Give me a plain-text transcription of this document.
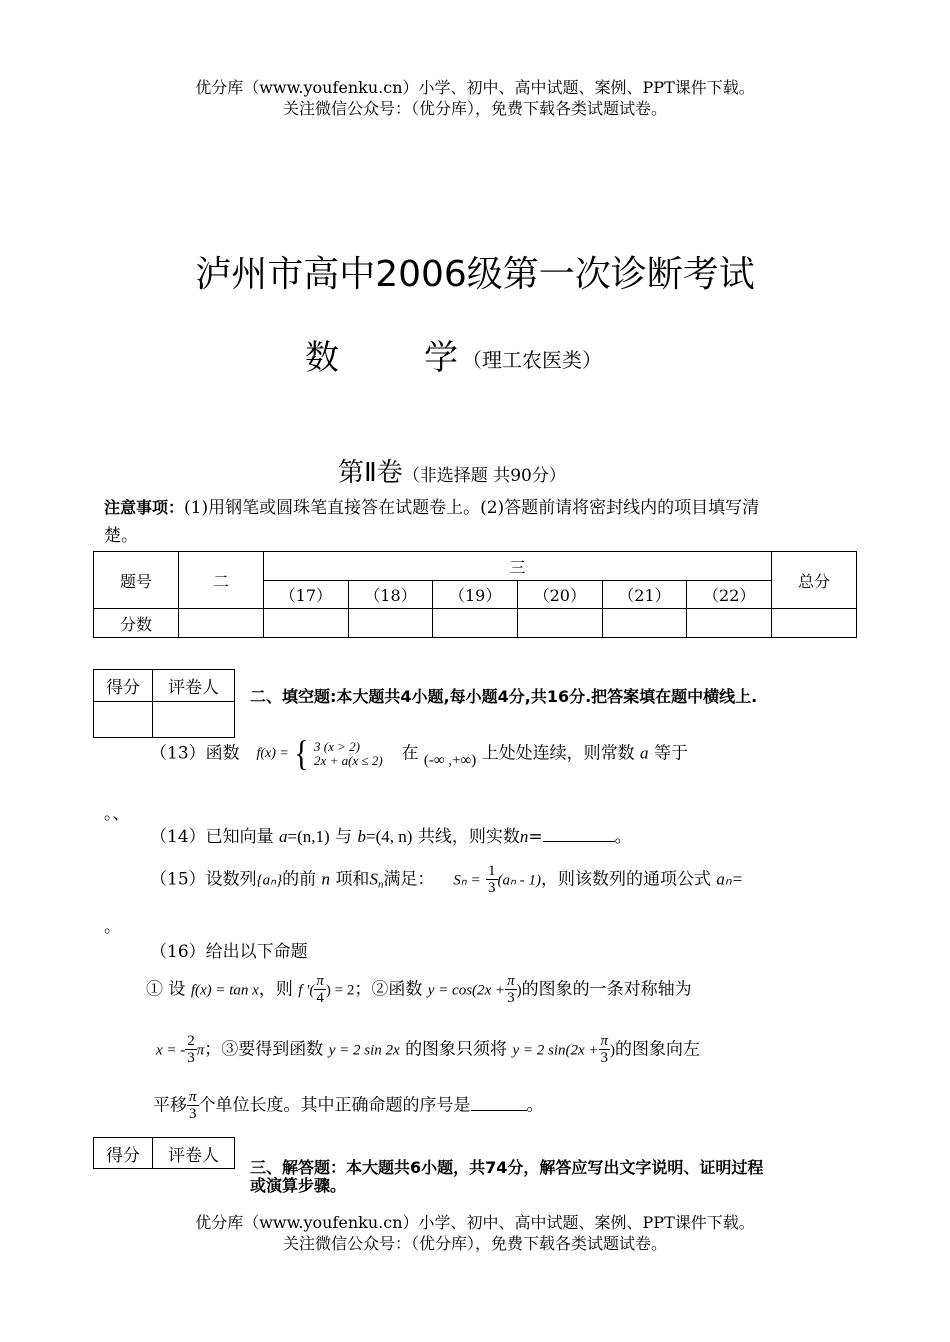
优分库（www.youfenku.cn）小学、初中、高中试题、案例、PPT课件下载。
关注微信公众号：（优分库），免费下载各类试题试卷。
泸州市高中2006级第一次诊断考试
数	学 （理工农医类）
第Ⅱ卷（非选择题 共90分）
注意事项：(1)用钢笔或圆珠笔直接答在试题卷上。(2)答题前请将密封线内的项目填写清
楚。
题号	二	三						总分
		（17）	（18）	（19）	（20）	（21）	（22）	
分数								
得分	评卷人
	二、填空题:本大题共4小题,每小题4分,共16分.把答案填在题中横线上.
（13）函数 f(x) = { 3 (x > 2)
2x + a(x ≤ 2) 在 (-∞ ,+∞) 上处处连续，则常数 a 等于
。、
（14）已知向量 a=(n,1) 与 b=(4, n) 共线，则实数n=	。
（15）设数列{aₙ}的前 n 项和Sn满足： $S_n = \frac{1}{3} (a_n - 1)$，则该数列的通项公式 aₙ=
。
（16）给出以下命题
① 设 f(x) = tan x，则 f '( $\frac{\pi}{4}$ ) = 2；②函数 $y = \cos(2x + \frac{\pi}{3}$ )的图象的一条对称轴为
x = - $\frac{2}{3}$ π；③要得到函数 y = 2 sin 2x 的图象只须将 y = 2 $\sin(2x + \frac{\pi}{3}$ )的图象向左
平移 $\frac{\pi}{3}$ 个单位长度。其中正确命题的序号是	。
得分	评卷人
三、解答题：本大题共6小题，共74分，解答应写出文字说明、证明过程
或演算步骤。
优分库（www.youfenku.cn）小学、初中、高中试题、案例、PPT课件下载。
关注微信公众号：（优分库），免费下载各类试题试卷。
